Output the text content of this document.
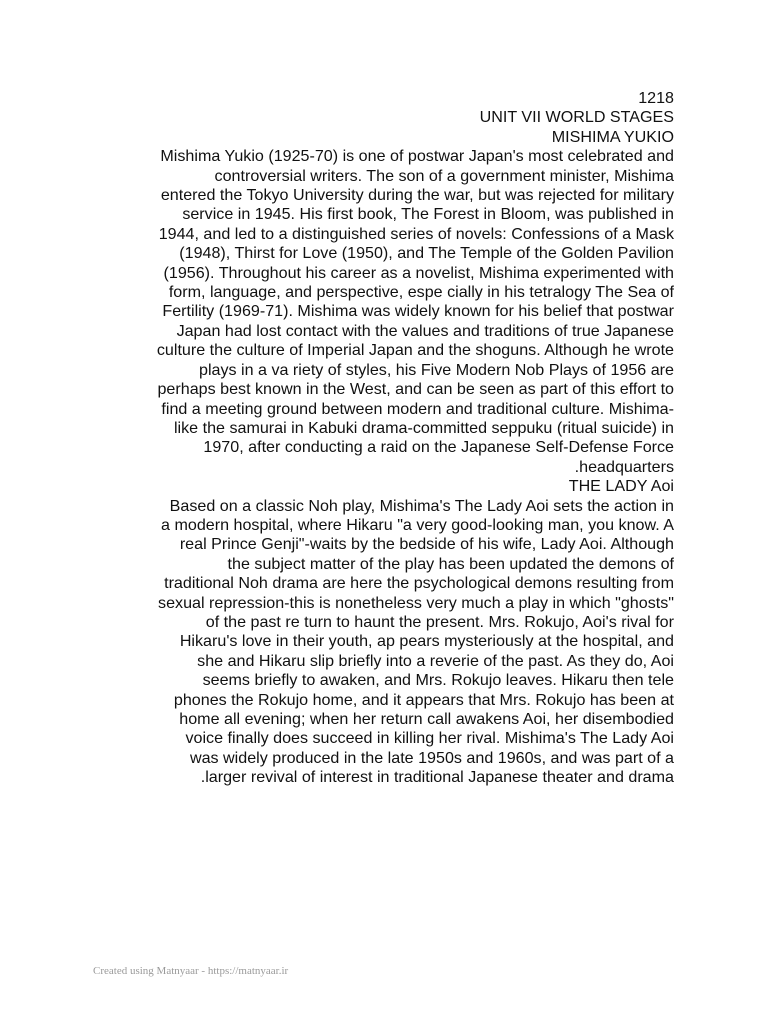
1218
UNIT VII WORLD STAGES
MISHIMA YUKIO
Mishima Yukio (1925-70) is one of postwar Japan's most celebrated and
controversial writers. The son of a government minister, Mishima
entered the Tokyo University during the war, but was rejected for military
service in 1945. His first book, The Forest in Bloom, was published in
1944, and led to a distinguished series of novels: Confessions of a Mask
(1948), Thirst for Love (1950), and The Temple of the Golden Pavilion
(1956). Throughout his career as a novelist, Mishima experimented with
form, language, and perspective, espe cially in his tetralogy The Sea of
Fertility (1969-71). Mishima was widely known for his belief that postwar
Japan had lost contact with the values and traditions of true Japanese
culture the culture of Imperial Japan and the shoguns. Although he wrote
plays in a va riety of styles, his Five Modern Nob Plays of 1956 are
perhaps best known in the West, and can be seen as part of this effort to
find a meeting ground between modern and traditional culture. Mishima-
like the samurai in Kabuki drama-committed seppuku (ritual suicide) in
1970, after conducting a raid on the Japanese Self-Defense Force
.headquarters
THE LADY Aoi
Based on a classic Noh play, Mishima's The Lady Aoi sets the action in
a modern hospital, where Hikaru "a very good-looking man, you know. A
real Prince Genji"-waits by the bedside of his wife, Lady Aoi. Although
the subject matter of the play has been updated the demons of
traditional Noh drama are here the psychological demons resulting from
sexual repression-this is nonetheless very much a play in which "ghosts"
of the past re turn to haunt the present. Mrs. Rokujo, Aoi's rival for
Hikaru's love in their youth, ap pears mysteriously at the hospital, and
she and Hikaru slip briefly into a reverie of the past. As they do, Aoi
seems briefly to awaken, and Mrs. Rokujo leaves. Hikaru then tele
phones the Rokujo home, and it appears that Mrs. Rokujo has been at
home all evening; when her return call awakens Aoi, her disembodied
voice finally does succeed in killing her rival. Mishima's The Lady Aoi
was widely produced in the late 1950s and 1960s, and was part of a
.larger revival of interest in traditional Japanese theater and drama
Created using Matnyaar - https://matnyaar.ir
